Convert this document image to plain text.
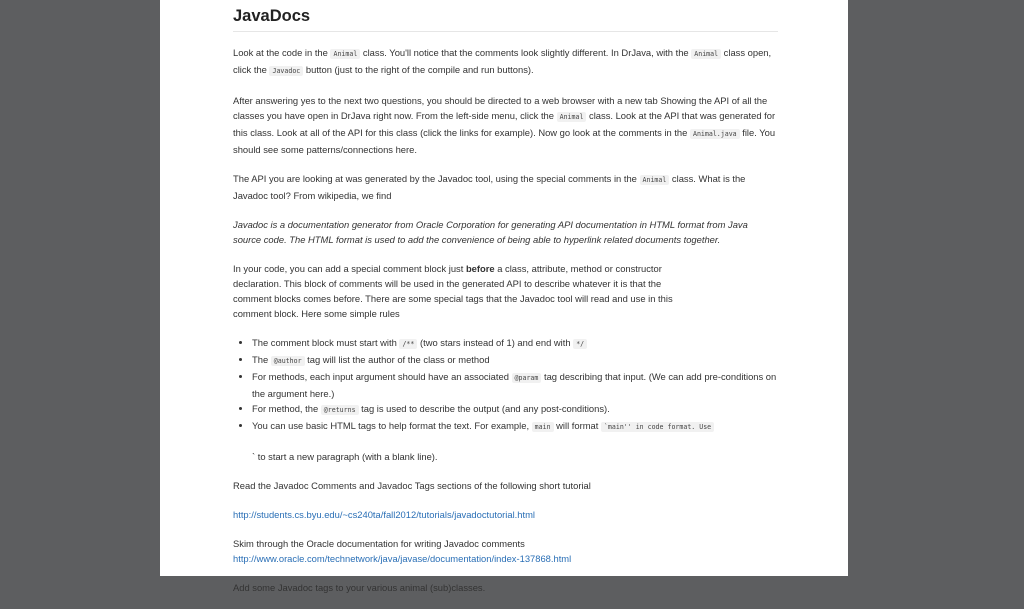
JavaDocs

Look at the code in the Animal class. You'll notice that the comments look slightly different. In DrJava, with the Animal class open, click the Javadoc button (just to the right of the compile and run buttons).

After answering yes to the next two questions, you should be directed to a web browser with a new tab Showing the API of all the classes you have open in DrJava right now. From the left-side menu, click the Animal class. Look at the API that was generated for this class. Look at all of the API for this class (click the links for example). Now go look at the comments in the Animal.java file. You should see some patterns/connections here.

The API you are looking at was generated by the Javadoc tool, using the special comments in the Animal class. What is the Javadoc tool? From wikipedia, we find

Javadoc is a documentation generator from Oracle Corporation for generating API documentation in HTML format from Java source code. The HTML format is used to add the convenience of being able to hyperlink related documents together.

In your code, you can add a special comment block just before a class, attribute, method or constructor declaration. This block of comments will be used in the generated API to describe whatever it is that the comment blocks comes before. There are some special tags that the Javadoc tool will read and use in this comment block. Here some simple rules

• The comment block must start with /** (two stars instead of 1) and end with */
• The @author tag will list the author of the class or method
• For methods, each input argument should have an associated @param tag describing that input. (We can add pre-conditions on the argument here.)
• For method, the @returns tag is used to describe the output (and any post-conditions).
• You can use basic HTML tags to help format the text. For example, main will format `main'' in code format. Use

` to start a new paragraph (with a blank line).

Read the Javadoc Comments and Javadoc Tags sections of the following short tutorial

http://students.cs.byu.edu/~cs240ta/fall2012/tutorials/javadoctutorial.html

Skim through the Oracle documentation for writing Javadoc comments

http://www.oracle.com/technetwork/java/javase/documentation/index-137868.html

Add some Javadoc tags to your various animal (sub)classes.
